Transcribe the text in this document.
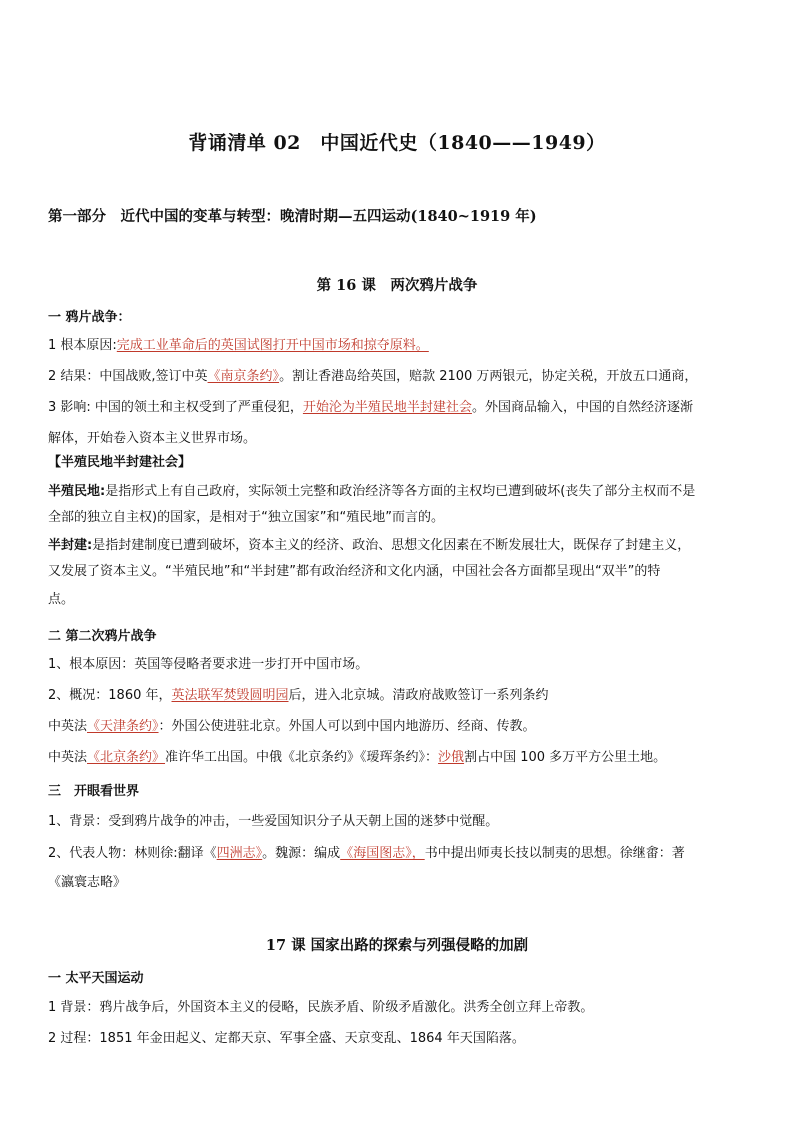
背诵清单 02　中国近代史（1840——1949）
第一部分　近代中国的变革与转型：晚清时期—五四运动(1840~1919 年)
第 16 课　两次鸦片战争
一 鸦片战争：
1 根本原因:完成工业革命后的英国试图打开中国市场和掠夺原料。
2 结果：中国战败,签订中英《南京条约》。割让香港岛给英国，赔款 2100 万两银元，协定关税，开放五口通商，
3 影响: 中国的领土和主权受到了严重侵犯，开始沦为半殖民地半封建社会。外国商品输入，中国的自然经济逐渐
解体，开始卷入资本主义世界市场。
【半殖民地半封建社会】
半殖民地:是指形式上有自己政府，实际领土完整和政治经济等各方面的主权均已遭到破坏(丧失了部分主权而不是
全部的独立自主权)的国家，是相对于“独立国家”和“殖民地”而言的。
半封建:是指封建制度已遭到破坏，资本主义的经济、政治、思想文化因素在不断发展壮大，既保存了封建主义，
又发展了资本主义。“半殖民地”和“半封建”都有政治经济和文化内涵，中国社会各方面都呈现出“双半”的特
点。
二 第二次鸦片战争
1、根本原因：英国等侵略者要求进一步打开中国市场。
2、概况：1860 年，英法联军焚毁圆明园后，进入北京城。清政府战败签订一系列条约
中英法《天津条约》：外国公使进驻北京。外国人可以到中国内地游历、经商、传教。
中英法《北京条约》准许华工出国。中俄《北京条约》《瑷珲条约》：沙俄割占中国 100 多万平方公里土地。
三　开眼看世界
1、背景：受到鸦片战争的冲击，一些爱国知识分子从天朝上国的迷梦中觉醒。
2、代表人物：林则徐:翻译《四洲志》。魏源：编成《海国图志》，书中提出师夷长技以制夷的思想。徐继畬：著
《瀛寰志略》
17 课 国家出路的探索与列强侵略的加剧
一 太平天国运动
1 背景：鸦片战争后，外国资本主义的侵略，民族矛盾、阶级矛盾激化。洪秀全创立拜上帝教。
2 过程：1851 年金田起义、定都天京、军事全盛、天京变乱、1864 年天国陷落。
